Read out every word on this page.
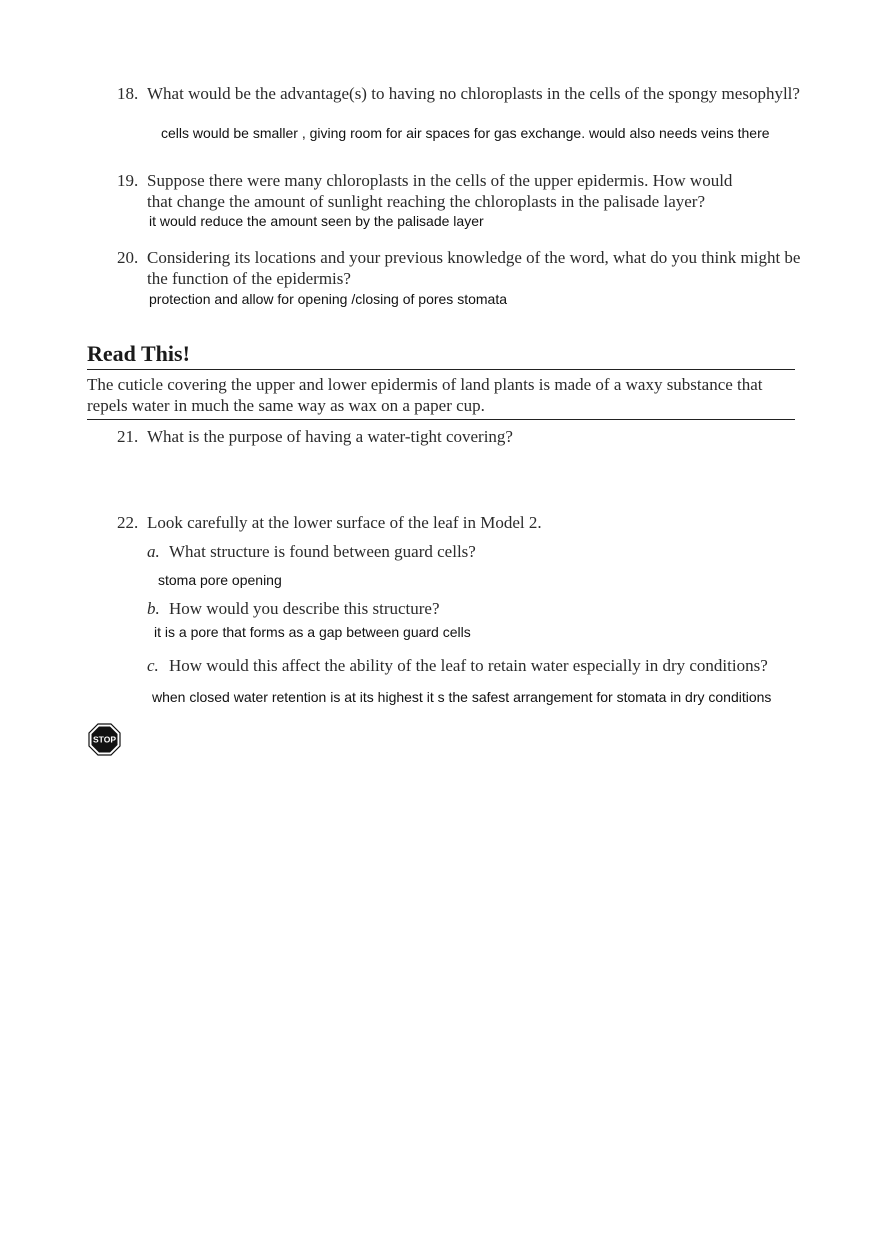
18. What would be the advantage(s) to having no chloroplasts in the cells of the spongy mesophyll?
cells would be smaller , giving room for air spaces for gas exchange. would also needs veins there
19. Suppose there were many chloroplasts in the cells of the upper epidermis. How would that change the amount of sunlight reaching the chloroplasts in the palisade layer?
it would reduce the amount seen by the palisade layer
20. Considering its locations and your previous knowledge of the word, what do you think might be the function of the epidermis?
protection and allow for opening /closing of pores stomata
Read This!
The cuticle covering the upper and lower epidermis of land plants is made of a waxy substance that repels water in much the same way as wax on a paper cup.
21. What is the purpose of having a water-tight covering?
22. Look carefully at the lower surface of the leaf in Model 2.
a. What structure is found between guard cells?
stoma pore opening
b. How would you describe this structure?
it is a pore that forms as a gap between guard cells
c. How would this affect the ability of the leaf to retain water especially in dry conditions?
when closed water retention is at its highest it s the safest arrangement for stomata in dry conditions
STOP
